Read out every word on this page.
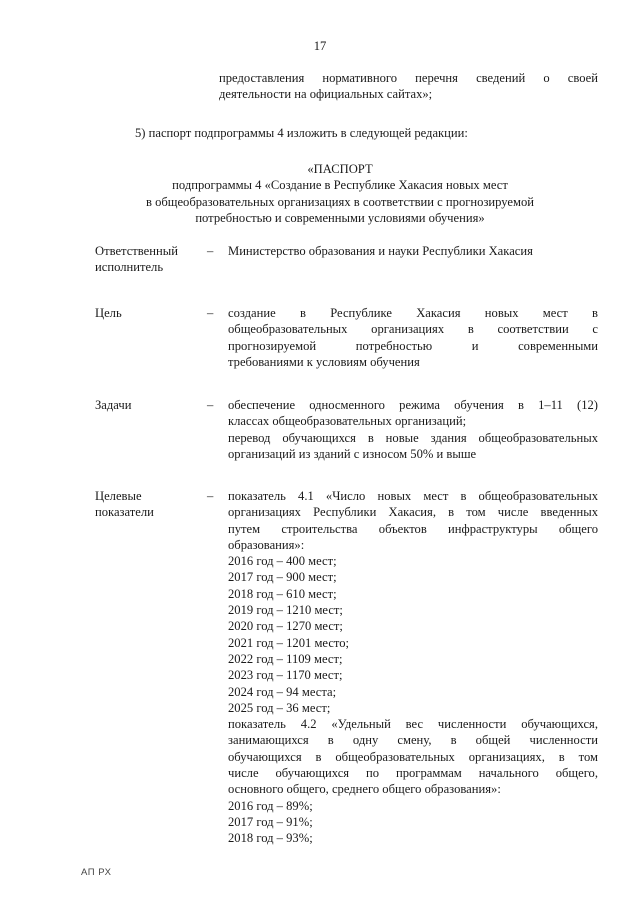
17
предоставления нормативного перечня сведений о своей
деятельности на официальных сайтах»;
5) паспорт подпрограммы 4 изложить в следующей редакции:
«ПАСПОРТ
подпрограммы 4 «Создание в Республике Хакасия новых мест
в общеобразовательных организациях в соответствии с прогнозируемой
потребностью и современными условиями обучения»
Ответственный
исполнитель
– Министерство образования и науки Республики Хакасия
Цель	– создание в Республике Хакасия новых мест в
общеобразовательных организациях в соответствии с
прогнозируемой потребностью и современными
требованиями к условиям обучения
Задачи	– обеспечение односменного режима обучения в 1–11 (12)
классах общеобразовательных организаций;
перевод обучающихся в новые здания общеобразовательных
организаций из зданий с износом 50% и выше
Целевые
показатели
– показатель 4.1 «Число новых мест в общеобразовательных
организациях Республики Хакасия, в том числе введенных
путем строительства объектов инфраструктуры общего
образования»:
2016 год – 400 мест;
2017 год – 900 мест;
2018 год – 610 мест;
2019 год – 1210 мест;
2020 год – 1270 мест;
2021 год – 1201 место;
2022 год – 1109 мест;
2023 год – 1170 мест;
2024 год – 94 места;
2025 год – 36 мест;
показатель 4.2 «Удельный вес численности обучающихся,
занимающихся в одну смену, в общей численности
обучающихся в общеобразовательных организациях, в том
числе обучающихся по программам начального общего,
основного общего, среднего общего образования»:
2016 год – 89%;
2017 год – 91%;
2018 год – 93%;
АП РХ
